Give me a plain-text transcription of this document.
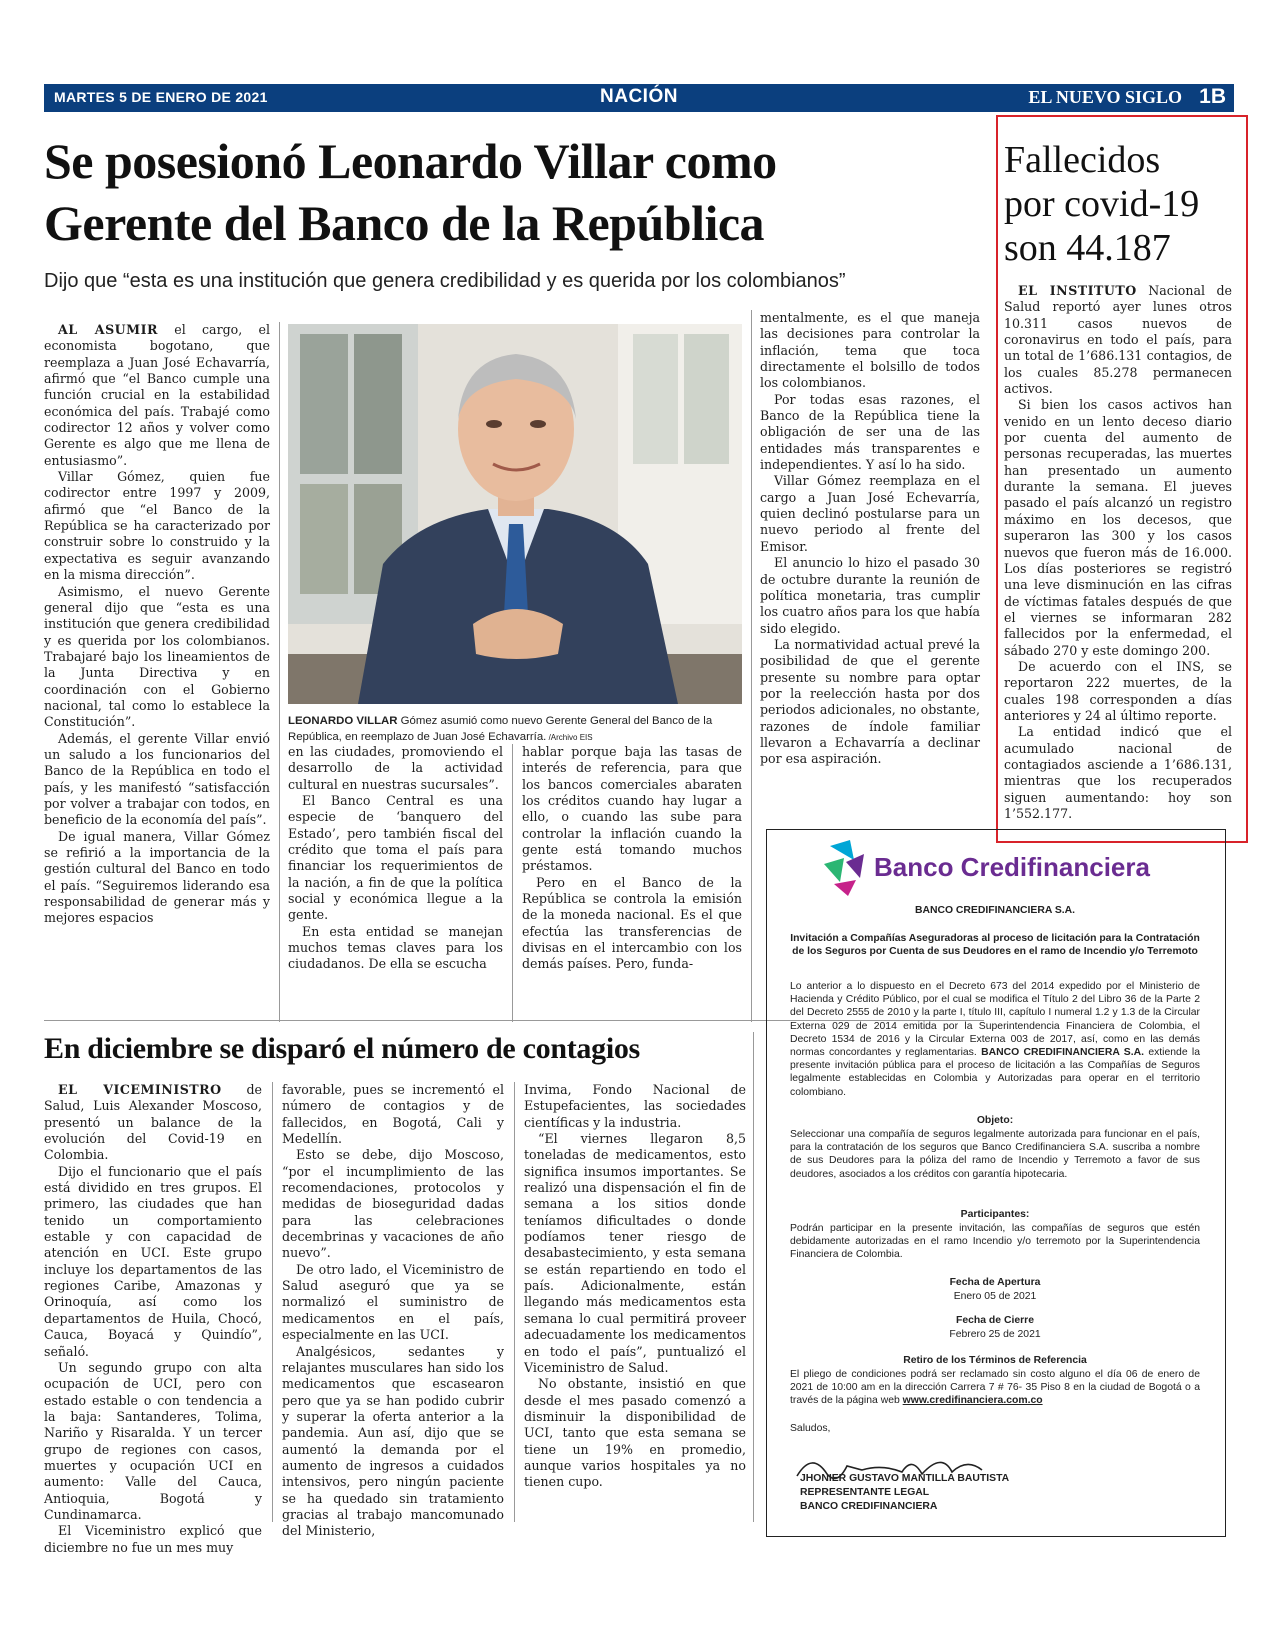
MARTES 5 DE ENERO DE 2021	NACIÓN	EL NUEVO SIGLO 1B
Se posesionó Leonardo Villar como
Gerente del Banco de la República
Dijo que “esta es una institución que genera credibilidad y es querida por los colombianos”

AL ASUMIR el cargo, el economista bogotano, que reemplaza a Juan José Echavarría, afirmó que “el Banco cumple una función crucial en la estabilidad económica del país. Trabajé como codirector 12 años y volver como Gerente es algo que me llena de entusiasmo”.

Villar Gómez, quien fue codirector entre 1997 y 2009, afirmó que “el Banco de la República se ha caracterizado por construir sobre lo construido y la expectativa es seguir avanzando en la misma dirección”.

Asimismo, el nuevo Gerente general dijo que “esta es una institución que genera credibilidad y es querida por los colombianos. Trabajaré bajo los lineamientos de la Junta Directiva y en coordinación con el Gobierno nacional, tal como lo establece la Constitución”.

Además, el gerente Villar envió un saludo a los funcionarios del Banco de la República en todo el país, y les manifestó “satisfacción por volver a trabajar con todos, en beneficio de la economía del país”.

De igual manera, Villar Gómez se refirió a la importancia de la gestión cultural del Banco en todo el país. “Seguiremos liderando esa responsabilidad de generar más y mejores espacios

LEONARDO VILLAR Gómez asumió como nuevo Gerente General del Banco de la República, en reemplazo de Juan José Echavarría. /Archivo EIS

en las ciudades, promoviendo el desarrollo de la actividad cultural en nuestras sucursales”.

El Banco Central es una especie de ‘banquero del Estado’, pero también fiscal del crédito que toma el país para financiar los requerimientos de la nación, a fin de que la política social y económica llegue a la gente.

En esta entidad se manejan muchos temas claves para los ciudadanos. De ella se escucha

hablar porque baja las tasas de interés de referencia, para que los bancos comerciales abaraten los créditos cuando hay lugar a ello, o cuando las sube para controlar la inflación cuando la gente está tomando muchos préstamos.

Pero en el Banco de la República se controla la emisión de la moneda nacional. Es el que efectúa las transferencias de divisas en el intercambio con los demás países. Pero, funda-

mentalmente, es el que maneja las decisiones para controlar la inflación, tema que toca directamente el bolsillo de todos los colombianos.

Por todas esas razones, el Banco de la República tiene la obligación de ser una de las entidades más transparentes e independientes. Y así lo ha sido.

Villar Gómez reemplaza en el cargo a Juan José Echevarría, quien declinó postularse para un nuevo periodo al frente del Emisor.

El anuncio lo hizo el pasado 30 de octubre durante la reunión de política monetaria, tras cumplir los cuatro años para los que había sido elegido.

La normatividad actual prevé la posibilidad de que el gerente presente su nombre para optar por la reelección hasta por dos periodos adicionales, no obstante, razones de índole familiar llevaron a Echavarría a declinar por esa aspiración.

Fallecidos
por covid-19
son 44.187

EL INSTITUTO Nacional de Salud reportó ayer lunes otros 10.311 casos nuevos de coronavirus en todo el país, para un total de 1’686.131 contagios, de los cuales 85.278 permanecen activos.

Si bien los casos activos han venido en un lento deceso diario por cuenta del aumento de personas recuperadas, las muertes han presentado un aumento durante la semana. El jueves pasado el país alcanzó un registro máximo en los decesos, que superaron las 300 y los casos nuevos que fueron más de 16.000. Los días posteriores se registró una leve disminución en las cifras de víctimas fatales después de que el viernes se informaran 282 fallecidos por la enfermedad, el sábado 270 y este domingo 200.

De acuerdo con el INS, se reportaron 222 muertes, de la cuales 198 corresponden a días anteriores y 24 al último reporte.

La entidad indicó que el acumulado nacional de contagiados asciende a 1’686.131, mientras que los recuperados siguen aumentando: hoy son 1’552.177.

En diciembre se disparó el número de contagios

EL VICEMINISTRO de Salud, Luis Alexander Moscoso, presentó un balance de la evolución del Covid-19 en Colombia.

Dijo el funcionario que el país está dividido en tres grupos. El primero, las ciudades que han tenido un comportamiento estable y con capacidad de atención en UCI. Este grupo incluye los departamentos de las regiones Caribe, Amazonas y Orinoquía, así como los departamentos de Huila, Chocó, Cauca, Boyacá y Quindío”, señaló.

Un segundo grupo con alta ocupación de UCI, pero con estado estable o con tendencia a la baja: Santanderes, Tolima, Nariño y Risaralda. Y un tercer grupo de regiones con casos, muertes y ocupación UCI en aumento: Valle del Cauca, Antioquia, Bogotá y Cundinamarca.

El Viceministro explicó que diciembre no fue un mes muy

favorable, pues se incrementó el número de contagios y de fallecidos, en Bogotá, Cali y Medellín.

Esto se debe, dijo Moscoso, “por el incumplimiento de las recomendaciones, protocolos y medidas de bioseguridad dadas para las celebraciones decembrinas y vacaciones de año nuevo”.

De otro lado, el Viceministro de Salud aseguró que ya se normalizó el suministro de medicamentos en el país, especialmente en las UCI.

Analgésicos, sedantes y relajantes musculares han sido los medicamentos que escasearon pero que ya se han podido cubrir y superar la oferta anterior a la pandemia. Aun así, dijo que se aumentó la demanda por el aumento de ingresos a cuidados intensivos, pero ningún paciente se ha quedado sin tratamiento gracias al trabajo mancomunado del Ministerio,

Invima, Fondo Nacional de Estupefacientes, las sociedades científicas y la industria.

“El viernes llegaron 8,5 toneladas de medicamentos, esto significa insumos importantes. Se realizó una dispensación el fin de semana a los sitios donde teníamos dificultades o donde podíamos tener riesgo de desabastecimiento, y esta semana se están repartiendo en todo el país. Adicionalmente, están llegando más medicamentos esta semana lo cual permitirá proveer adecuadamente los medicamentos en todo el país”, puntualizó el Viceministro de Salud.

No obstante, insistió en que desde el mes pasado comenzó a disminuir la disponibilidad de UCI, tanto que esta semana se tiene un 19% en promedio, aunque varios hospitales ya no tienen cupo.

Banco Credifinanciera
BANCO CREDIFINANCIERA S.A.
Invitación a Compañías Aseguradoras al proceso de licitación para la Contratación de los Seguros por Cuenta de sus Deudores en el ramo de Incendio y/o Terremoto
Lo anterior a lo dispuesto en el Decreto 673 del 2014 expedido por el Ministerio de Hacienda y Crédito Público, por el cual se modifica el Título 2 del Libro 36 de la Parte 2 del Decreto 2555 de 2010 y la parte I, título III, capítulo I numeral 1.2 y 1.3 de la Circular Externa 029 de 2014 emitida por la Superintendencia Financiera de Colombia, el Decreto 1534 de 2016 y la Circular Externa 003 de 2017, así, como en las demás normas concordantes y reglamentarias. BANCO CREDIFINANCIERA S.A. extiende la presente invitación pública para el proceso de licitación a las Compañías de Seguros legalmente establecidas en Colombia y Autorizadas para operar en el territorio colombiano.
Objeto:
Seleccionar una compañía de seguros legalmente autorizada para funcionar en el país, para la contratación de los seguros que Banco Credifinanciera S.A. suscriba a nombre de sus Deudores para la póliza del ramo de Incendio y Terremoto a favor de sus deudores, asociados a los créditos con garantía hipotecaria.
Participantes:
Podrán participar en la presente invitación, las compañías de seguros que estén debidamente autorizadas en el ramo Incendio y/o terremoto por la Superintendencia Financiera de Colombia.
Fecha de Apertura
Enero 05 de 2021
Fecha de Cierre
Febrero 25 de 2021
Retiro de los Términos de Referencia
El pliego de condiciones podrá ser reclamado sin costo alguno el día 06 de enero de 2021 de 10:00 am en la dirección Carrera 7 # 76- 35 Piso 8 en la ciudad de Bogotá o a través de la página web www.credifinanciera.com.co
Saludos,
JHONIER GUSTAVO MANTILLA BAUTISTA
REPRESENTANTE LEGAL
BANCO CREDIFINANCIERA
